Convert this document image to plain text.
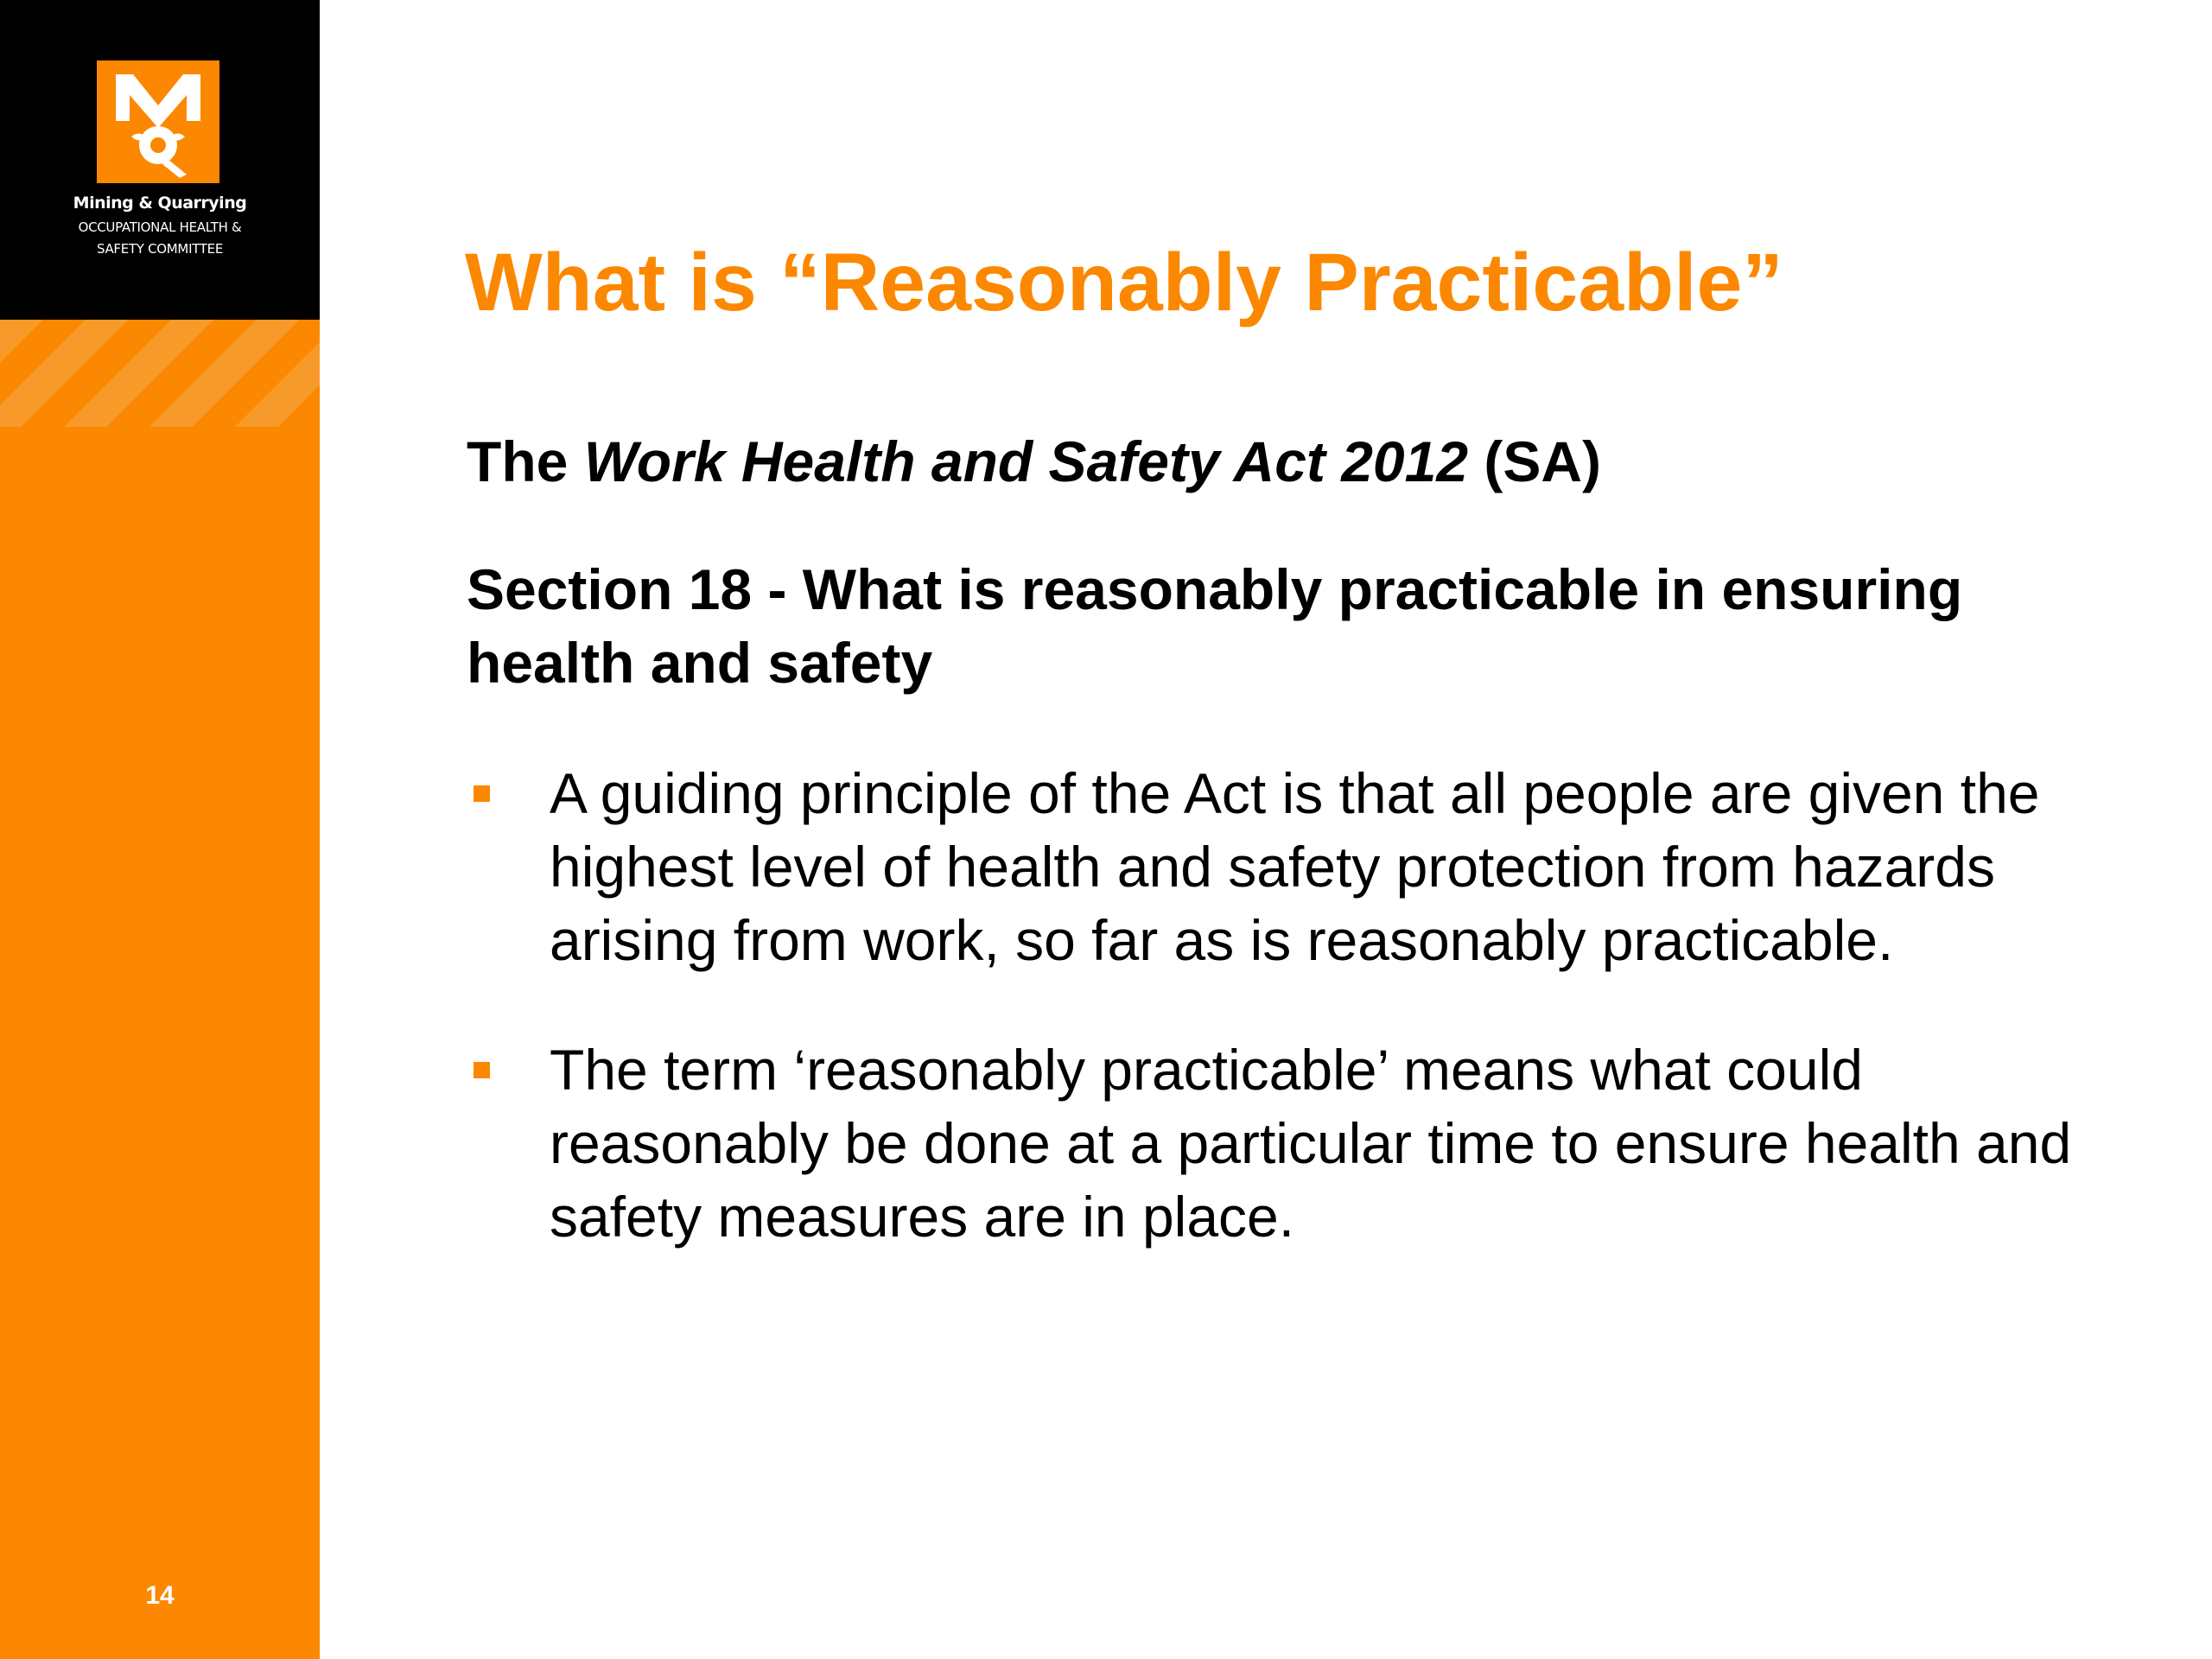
Mining & Quarrying
OCCUPATIONAL HEALTH &
SAFETY COMMITTEE
14
What is “Reasonably Practicable”
The Work Health and Safety Act 2012 (SA)

Section 18 - What is reasonably practicable in ensuring health and safety

A guiding principle of the Act is that all people are given the highest level of health and safety protection from hazards arising from work, so far as is reasonably practicable.
The term ‘reasonably practicable’ means what could reasonably be done at a particular time to ensure health and safety measures are in place.
